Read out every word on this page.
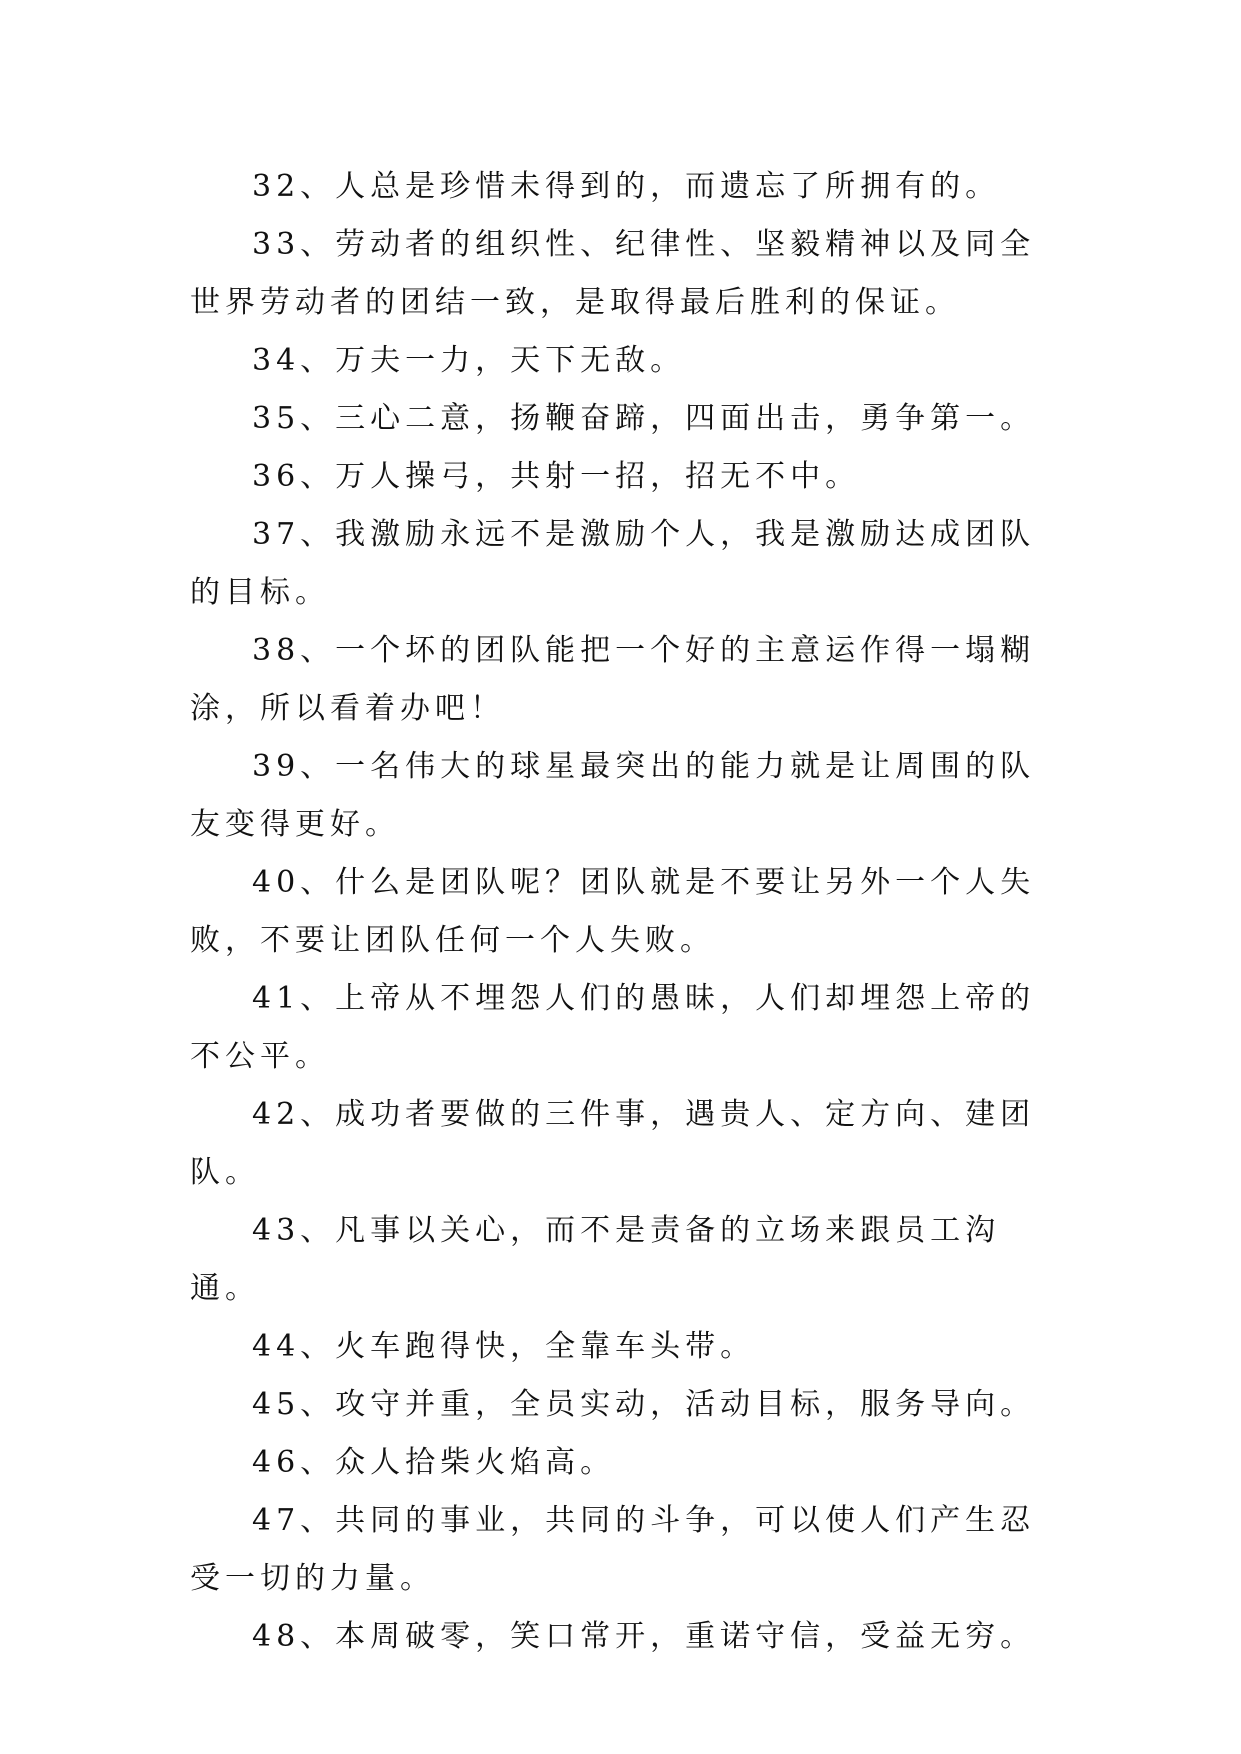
32、人总是珍惜未得到的，而遗忘了所拥有的。

33、劳动者的组织性、纪律性、坚毅精神以及同全世界劳动者的团结一致，是取得最后胜利的保证。

34、万夫一力，天下无敌。

35、三心二意，扬鞭奋蹄，四面出击，勇争第一。

36、万人操弓，共射一招，招无不中。

37、我激励永远不是激励个人，我是激励达成团队的目标。

38、一个坏的团队能把一个好的主意运作得一塌糊涂，所以看着办吧！

39、一名伟大的球星最突出的能力就是让周围的队友变得更好。

40、什么是团队呢？团队就是不要让另外一个人失败，不要让团队任何一个人失败。

41、上帝从不埋怨人们的愚昧，人们却埋怨上帝的不公平。

42、成功者要做的三件事，遇贵人、定方向、建团队。

43、凡事以关心，而不是责备的立场来跟员工沟通。

44、火车跑得快，全靠车头带。

45、攻守并重，全员实动，活动目标，服务导向。

46、众人拾柴火焰高。

47、共同的事业，共同的斗争，可以使人们产生忍受一切的力量。

48、本周破零，笑口常开，重诺守信，受益无穷。
